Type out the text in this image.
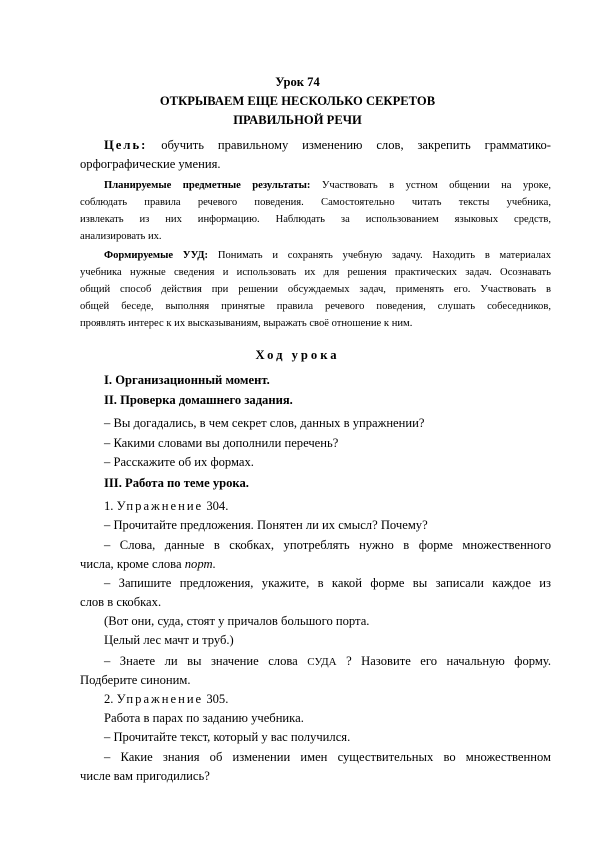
Урок 74
ОТКРЫВАЕМ ЕЩЕ НЕСКОЛЬКО СЕКРЕТОВ
ПРАВИЛЬНОЙ РЕЧИ
Цель: обучить правильному изменению слов, закрепить грамматико-
орфографические умения.
Планируемые предметные результаты: Участвовать в устном общении на уроке,
соблюдать правила речевого поведения. Самостоятельно читать тексты учебника,
извлекать из них информацию. Наблюдать за использованием языковых средств,
анализировать их.
Формируемые УУД: Понимать и сохранять учебную задачу. Находить в материалах
учебника нужные сведения и использовать их для решения практических задач. Осознавать
общий способ действия при решении обсуждаемых задач, применять его. Участвовать в
общей беседе, выполняя принятые правила речевого поведения, слушать собеседников,
проявлять интерес к их высказываниям, выражать своё отношение к ним.
Ход урока
I. Организационный момент.
II. Проверка домашнего задания.
– Вы догадались, в чем секрет слов, данных в упражнении?
– Какими словами вы дополнили перечень?
– Расскажите об их формах.
III. Работа по теме урока.
1. Упражнение 304.
– Прочитайте предложения. Понятен ли их смысл? Почему?
– Слова, данные в скобках, употреблять нужно в форме множественного
числа, кроме слова порт.
– Запишите предложения, укажите, в какой форме вы записали каждое из
слов в скобках.
(Вот они, суда, стоят у причалов большого порта.
Целый лес мачт и труб.)
– Знаете ли вы значение слова СУДА ? Назовите его начальную форму.
Подберите синоним.
2. Упражнение 305.
Работа в парах по заданию учебника.
– Прочитайте текст, который у вас получился.
– Какие знания об изменении имен существительных во множественном
числе вам пригодились?
